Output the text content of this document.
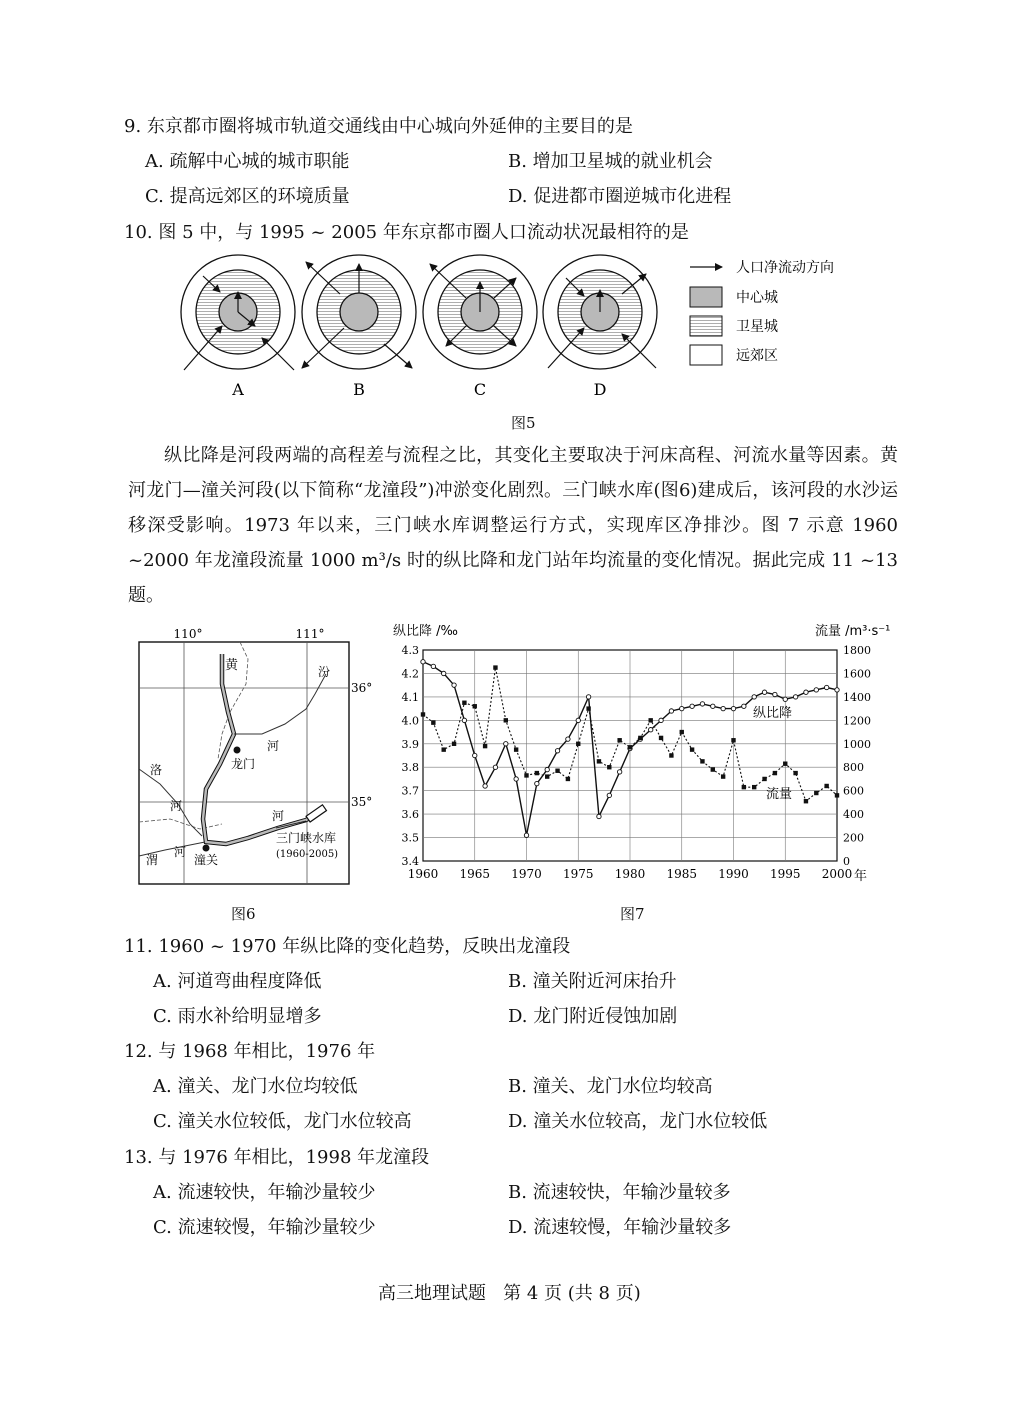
9. 东京都市圈将城市轨道交通线由中心城向外延伸的主要目的是
A. 疏解中心城的城市职能	B. 增加卫星城的就业机会
C. 提高远郊区的环境质量	D. 促进都市圈逆城市化进程
10. 图 5 中，与 1995 ~ 2005 年东京都市圈人口流动状况最相符的是
A	B	C	D
人口净流动方向
中心城
卫星城
远郊区
图5
纵比降是河段两端的高程差与流程之比，其变化主要取决于河床高程、河流水量等因素。黄河龙门—潼关河段(以下简称“龙潼段”)冲淤变化剧烈。三门峡水库(图6)建成后，该河段的水沙运移深受影响。1973 年以来，三门峡水库调整运行方式，实现库区净排沙。图 7 示意 1960 ~2000 年龙潼段流量 1000 m³/s 时的纵比降和龙门站年均流量的变化情况。据此完成 11 ~13 题。
110°	111°
36°
35°
黄	汾
河
洛
河
河
河
渭
龙门
潼关
三门峡水库
(1960-2005)
图6
纵比降 /‰	流量 /m³·s⁻¹
年
1960 1965 1970 1975 1980 1985 1990 1995 2000
3.4
3.5
3.6
3.7
3.8
3.9
4.0
4.1
4.2
4.3
0
200
400
600
800
1000
1200
1400
1600
1800
纵比降
流量
图7
11. 1960 ~ 1970 年纵比降的变化趋势，反映出龙潼段
A. 河道弯曲程度降低	B. 潼关附近河床抬升
C. 雨水补给明显增多	D. 龙门附近侵蚀加剧
12. 与 1968 年相比，1976 年
A. 潼关、龙门水位均较低	B. 潼关、龙门水位均较高
C. 潼关水位较低，龙门水位较高	D. 潼关水位较高，龙门水位较低
13. 与 1976 年相比，1998 年龙潼段
A. 流速较快，年输沙量较少	B. 流速较快，年输沙量较多
C. 流速较慢，年输沙量较少	D. 流速较慢，年输沙量较多
高三地理试题   第 4 页 (共 8 页)
